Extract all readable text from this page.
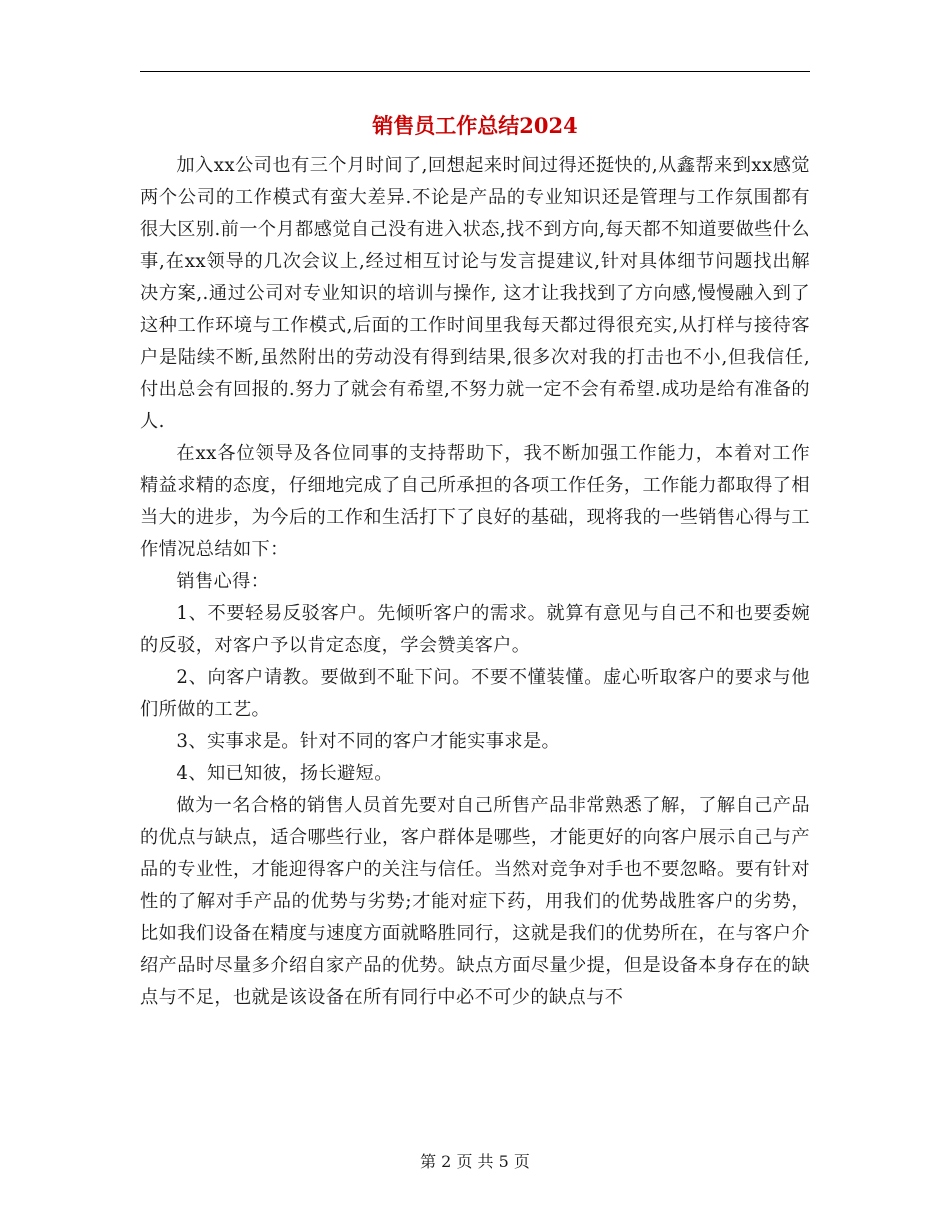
销售员工作总结2024

加入xx公司也有三个月时间了,回想起来时间过得还挺快的,从鑫帮来到xx感觉两个公司的工作模式有蛮大差异.不论是产品的专业知识还是管理与工作氛围都有很大区别.前一个月都感觉自己没有进入状态,找不到方向,每天都不知道要做些什么事,在xx领导的几次会议上,经过相互讨论与发言提建议,针对具体细节问题找出解决方案,.通过公司对专业知识的培训与操作, 这才让我找到了方向感,慢慢融入到了这种工作环境与工作模式,后面的工作时间里我每天都过得很充实,从打样与接待客户是陆续不断,虽然附出的劳动没有得到结果,很多次对我的打击也不小,但我信任,付出总会有回报的.努力了就会有希望,不努力就一定不会有希望.成功是给有准备的人.

在xx各位领导及各位同事的支持帮助下，我不断加强工作能力，本着对工作精益求精的态度，仔细地完成了自己所承担的各项工作任务，工作能力都取得了相当大的进步，为今后的工作和生活打下了良好的基础，现将我的一些销售心得与工作情况总结如下：

销售心得：

1、不要轻易反驳客户。先倾听客户的需求。就算有意见与自己不和也要委婉的反驳，对客户予以肯定态度，学会赞美客户。

2、向客户请教。要做到不耻下问。不要不懂装懂。虚心听取客户的要求与他们所做的工艺。

3、实事求是。针对不同的客户才能实事求是。

4、知已知彼，扬长避短。

做为一名合格的销售人员首先要对自己所售产品非常熟悉了解，了解自己产品的优点与缺点，适合哪些行业，客户群体是哪些，才能更好的向客户展示自己与产品的专业性，才能迎得客户的关注与信任。当然对竞争对手也不要忽略。要有针对性的了解对手产品的优势与劣势;才能对症下药，用我们的优势战胜客户的劣势，比如我们设备在精度与速度方面就略胜同行，这就是我们的优势所在，在与客户介绍产品时尽量多介绍自家产品的优势。缺点方面尽量少提，但是设备本身存在的缺点与不足，也就是该设备在所有同行中必不可少的缺点与不

第 2 页 共 5 页
